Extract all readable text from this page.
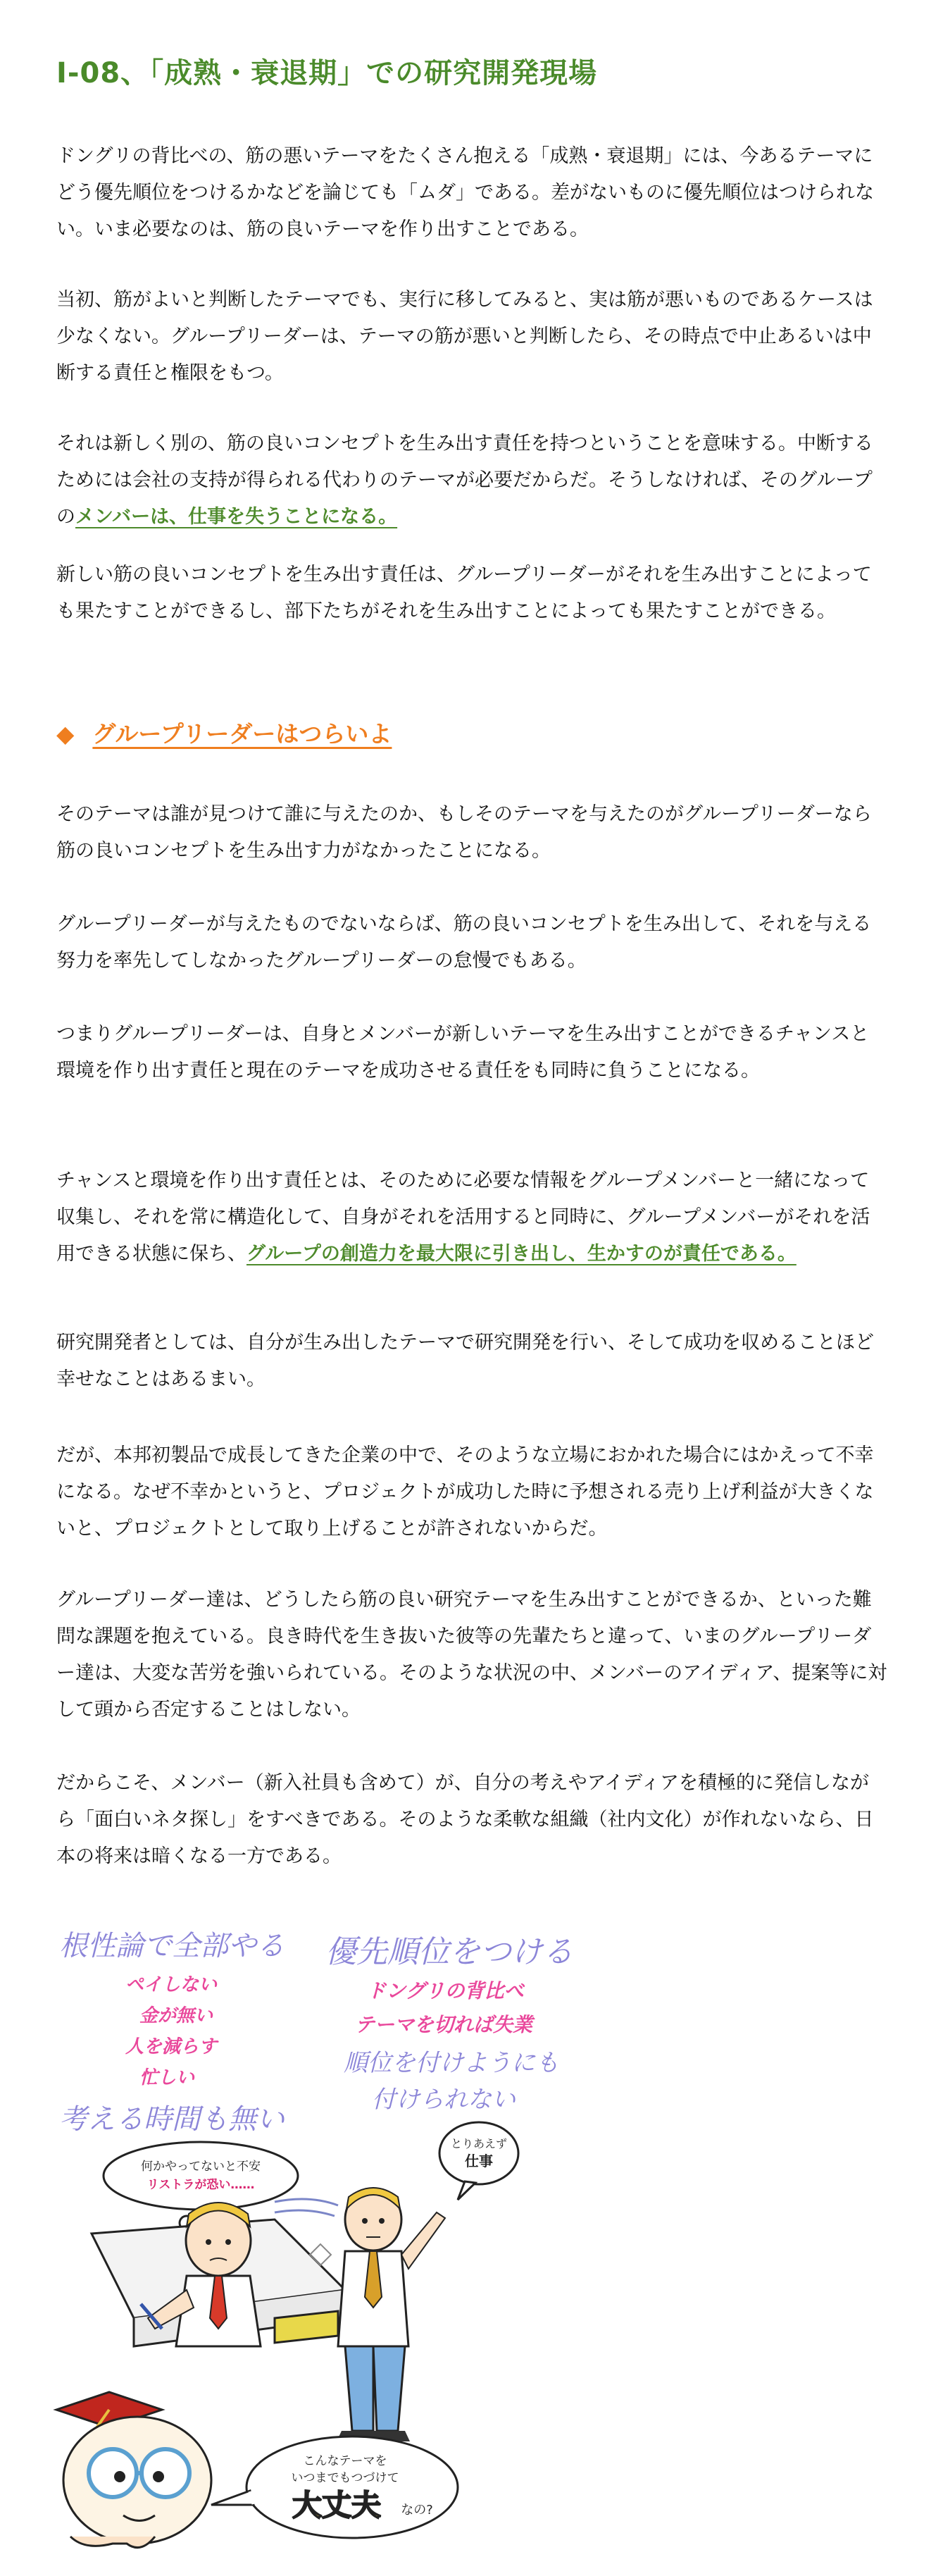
Ⅰ-08、「成熟・衰退期」での研究開発現場

ドングリの背比べの、筋の悪いテーマをたくさん抱える「成熟・衰退期」には、今あるテーマにどう優先順位をつけるかなどを論じても「ムダ」である。差がないものに優先順位はつけられない。いま必要なのは、筋の良いテーマを作り出すことである。

当初、筋がよいと判断したテーマでも、実行に移してみると、実は筋が悪いものであるケースは少なくない。グループリーダーは、テーマの筋が悪いと判断したら、その時点で中止あるいは中断する責任と権限をもつ。

それは新しく別の、筋の良いコンセプトを生み出す責任を持つということを意味する。中断するためには会社の支持が得られる代わりのテーマが必要だからだ。そうしなければ、そのグループのメンバーは、仕事を失うことになる。

新しい筋の良いコンセプトを生み出す責任は、グループリーダーがそれを生み出すことによっても果たすことができるし、部下たちがそれを生み出すことによっても果たすことができる。

◆ グループリーダーはつらいよ

そのテーマは誰が見つけて誰に与えたのか、もしそのテーマを与えたのがグループリーダーなら筋の良いコンセプトを生み出す力がなかったことになる。

グループリーダーが与えたものでないならば、筋の良いコンセプトを生み出して、それを与える努力を率先してしなかったグループリーダーの怠慢でもある。

つまりグループリーダーは、自身とメンバーが新しいテーマを生み出すことができるチャンスと環境を作り出す責任と現在のテーマを成功させる責任をも同時に負うことになる。

チャンスと環境を作り出す責任とは、そのために必要な情報をグループメンバーと一緒になって収集し、それを常に構造化して、自身がそれを活用すると同時に、グループメンバーがそれを活用できる状態に保ち、グループの創造力を最大限に引き出し、生かすのが責任である。

研究開発者としては、自分が生み出したテーマで研究開発を行い、そして成功を収めることほど幸せなことはあるまい。

だが、本邦初製品で成長してきた企業の中で、そのような立場におかれた場合にはかえって不幸になる。なぜ不幸かというと、プロジェクトが成功した時に予想される売り上げ利益が大きくないと、プロジェクトとして取り上げることが許されないからだ。

グループリーダー達は、どうしたら筋の良い研究テーマを生み出すことができるか、といった難問な課題を抱えている。良き時代を生き抜いた彼等の先輩たちと違って、いまのグループリーダー達は、大変な苦労を強いられている。そのような状況の中、メンバーのアイディア、提案等に対して頭から否定することはしない。

だからこそ、メンバー（新入社員も含めて）が、自分の考えやアイディアを積極的に発信しながら「面白いネタ探し」をすべきである。そのような柔軟な組織（社内文化）が作れないなら、日本の将来は暗くなる一方である。

根性論で全部やる

ペイしない

金が無い

人を減らす

忙しい

考える時間も無い

優先順位をつける

ドングリの背比べ

テーマを切れば失業

順位を付けようにも

付けられない

何かやってないと不安
リストラが恐い……
とりあえず
仕事
こんなテーマを
いつまでもつづけて
大丈夫 なの?
